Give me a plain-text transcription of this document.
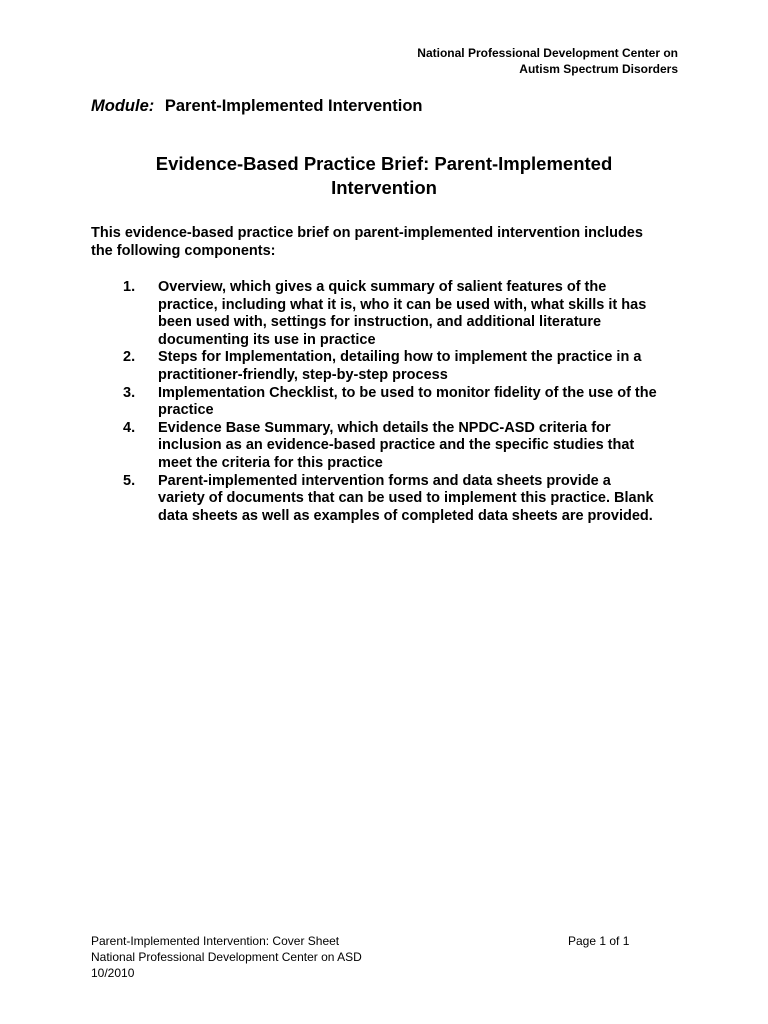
National Professional Development Center on
Autism Spectrum Disorders
Module: Parent-Implemented Intervention
Evidence-Based Practice Brief: Parent-Implemented
Intervention
This evidence-based practice brief on parent-implemented intervention includes
the following components:
1. Overview, which gives a quick summary of salient features of the
practice, including what it is, who it can be used with, what skills it has
been used with, settings for instruction, and additional literature
documenting its use in practice
2. Steps for Implementation, detailing how to implement the practice in a
practitioner-friendly, step-by-step process
3. Implementation Checklist, to be used to monitor fidelity of the use of the
practice
4. Evidence Base Summary, which details the NPDC-ASD criteria for
inclusion as an evidence-based practice and the specific studies that
meet the criteria for this practice
5. Parent-implemented intervention forms and data sheets provide a
variety of documents that can be used to implement this practice. Blank
data sheets as well as examples of completed data sheets are provided.
Parent-Implemented Intervention: Cover Sheet
National Professional Development Center on ASD
10/2010
Page 1 of 1
